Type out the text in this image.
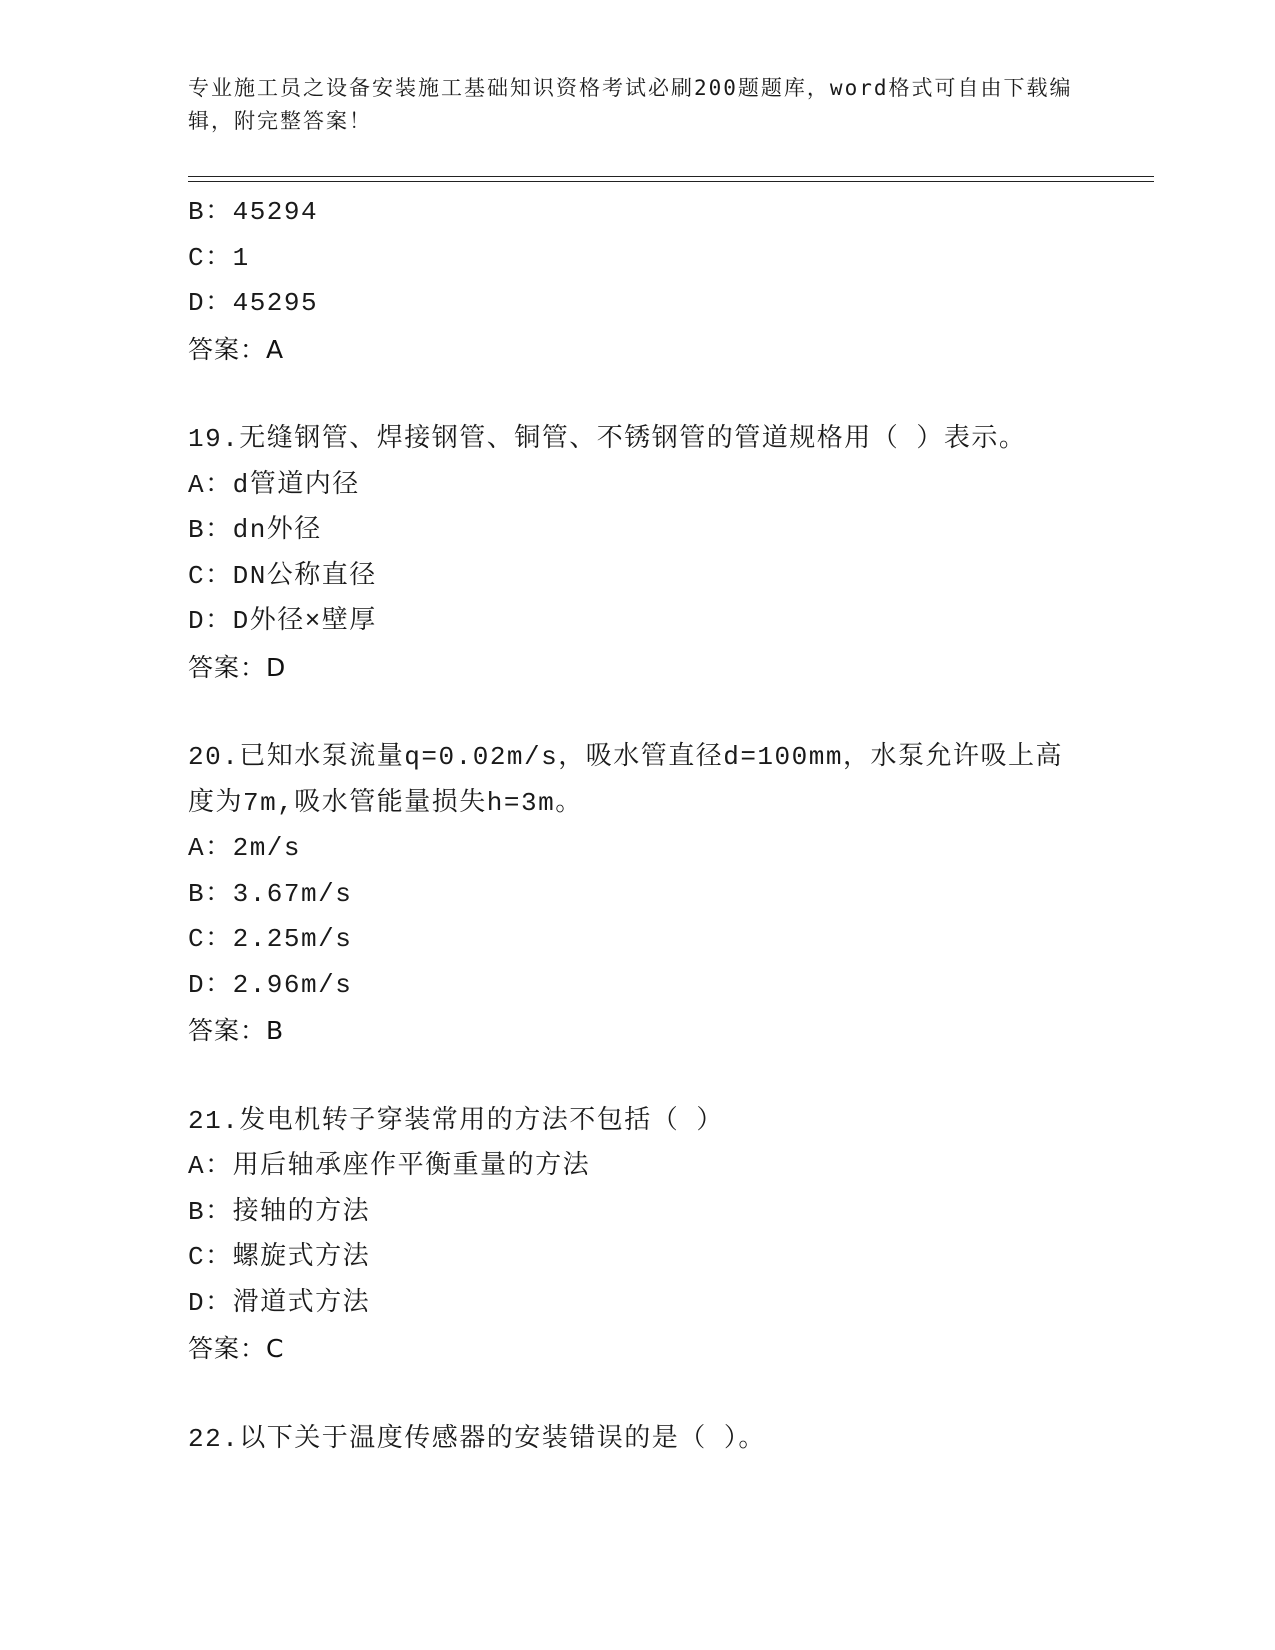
专业施工员之设备安装施工基础知识资格考试必刷200题题库，word格式可自由下载编辑，附完整答案！
B：45294
C：1
D：45295
答案：A
19.无缝钢管、焊接钢管、铜管、不锈钢管的管道规格用（ ）表示。
A：d管道内径
B：dn外径
C：DN公称直径
D：D外径×壁厚
答案：D
20.已知水泵流量q=0.02m/s，吸水管直径d=100mm，水泵允许吸上高度为7m,吸水管能量损失h=3m。
A：2m/s
B：3.67m/s
C：2.25m/s
D：2.96m/s
答案：B
21.发电机转子穿装常用的方法不包括（ ）
A：用后轴承座作平衡重量的方法
B：接轴的方法
C：螺旋式方法
D：滑道式方法
答案：C
22.以下关于温度传感器的安装错误的是（ ）。
